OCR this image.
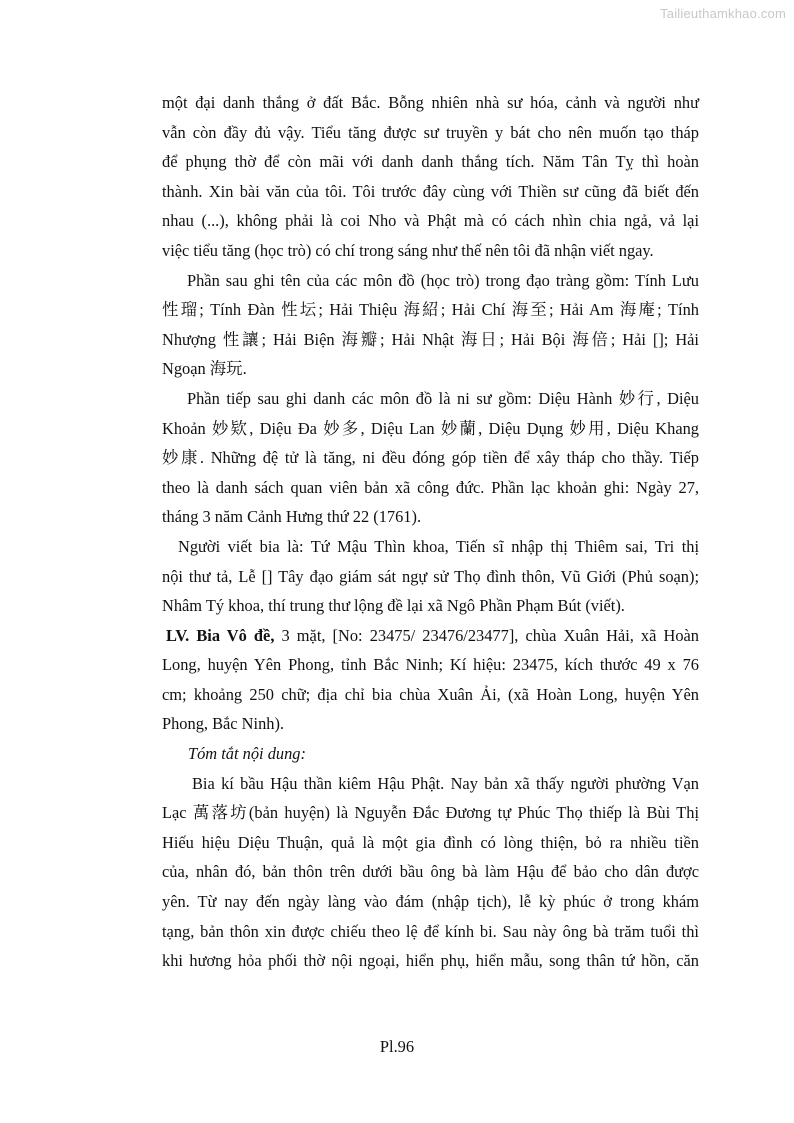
Tailieuthamkhao.com

một đại danh thắng ở đất Bắc. Bỗng nhiên nhà sư hóa, cảnh và người như
vẫn còn đầy đủ vậy. Tiểu tăng được sư truyền y bát cho nên muốn tạo tháp
để phụng thờ để còn mãi với danh danh thắng tích. Năm Tân Tỵ thì hoàn
thành. Xin bài văn của tôi. Tôi trước đây cùng với Thiền sư cũng đã biết đến
nhau (...), không phải là coi Nho và Phật mà có cách nhìn chia ngả, vả lại
việc tiểu tăng (học trò) có chí trong sáng như thế nên tôi đã nhận viết ngay.

Phần sau ghi tên của các môn đồ (học trò) trong đạo tràng gồm: Tính Lưu
性瑠; Tính Đàn 性坛; Hải Thiệu 海紹; Hải Chí 海至; Hải Am 海庵; Tính
Nhượng 性讓; Hải Biện 海瓣; Hải Nhật 海日; Hải Bội 海倍; Hải []; Hải
Ngoạn 海玩.

Phần tiếp sau ghi danh các môn đồ là ni sư gồm: Diệu Hành 妙行, Diệu
Khoản 妙欵, Diệu Đa 妙多, Diệu Lan 妙蘭, Diệu Dụng 妙用, Diệu Khang
妙康. Những đệ tử là tăng, ni đều đóng góp tiền để xây tháp cho thầy. Tiếp
theo là danh sách quan viên bản xã công đức. Phần lạc khoản ghi: Ngày 27,
tháng 3 năm Cảnh Hưng thứ 22 (1761).

Người viết bia là: Tứ Mậu Thìn khoa, Tiến sĩ nhập thị Thiêm sai, Tri thị
nội thư tả, Lễ [] Tây đạo giám sát ngự sử Thọ đình thôn, Vũ Giới (Phủ soạn);
Nhâm Tý khoa, thí trung thư lộng đề lại xã Ngô Phần Phạm Bút (viết).

LV. Bia Vô đề, 3 mặt, [No: 23475/ 23476/23477], chùa Xuân Hải, xã Hoàn
Long, huyện Yên Phong, tỉnh Bắc Ninh; Kí hiệu: 23475, kích thước 49 x 76
cm; khoảng 250 chữ; địa chỉ bia chùa Xuân Ải, (xã Hoàn Long, huyện Yên
Phong, Bắc Ninh).

Tóm tắt nội dung:

Bia kí bầu Hậu thần kiêm Hậu Phật. Nay bản xã thấy người phường Vạn
Lạc 萬落坊(bản huyện) là Nguyễn Đắc Đương tự Phúc Thọ thiếp là Bùi Thị
Hiếu hiệu Diệu Thuận, quả là một gia đình có lòng thiện, bỏ ra nhiều tiền
của, nhân đó, bản thôn trên dưới bầu ông bà làm Hậu để bảo cho dân được
yên. Từ nay đến ngày làng vào đám (nhập tịch), lễ kỳ phúc ở trong khám
tạng, bản thôn xin được chiếu theo lệ để kính bi. Sau này ông bà trăm tuổi thì
khi hương hỏa phối thờ nội ngoại, hiển phụ, hiển mẫu, song thân tứ hồn, căn

Pl.96
